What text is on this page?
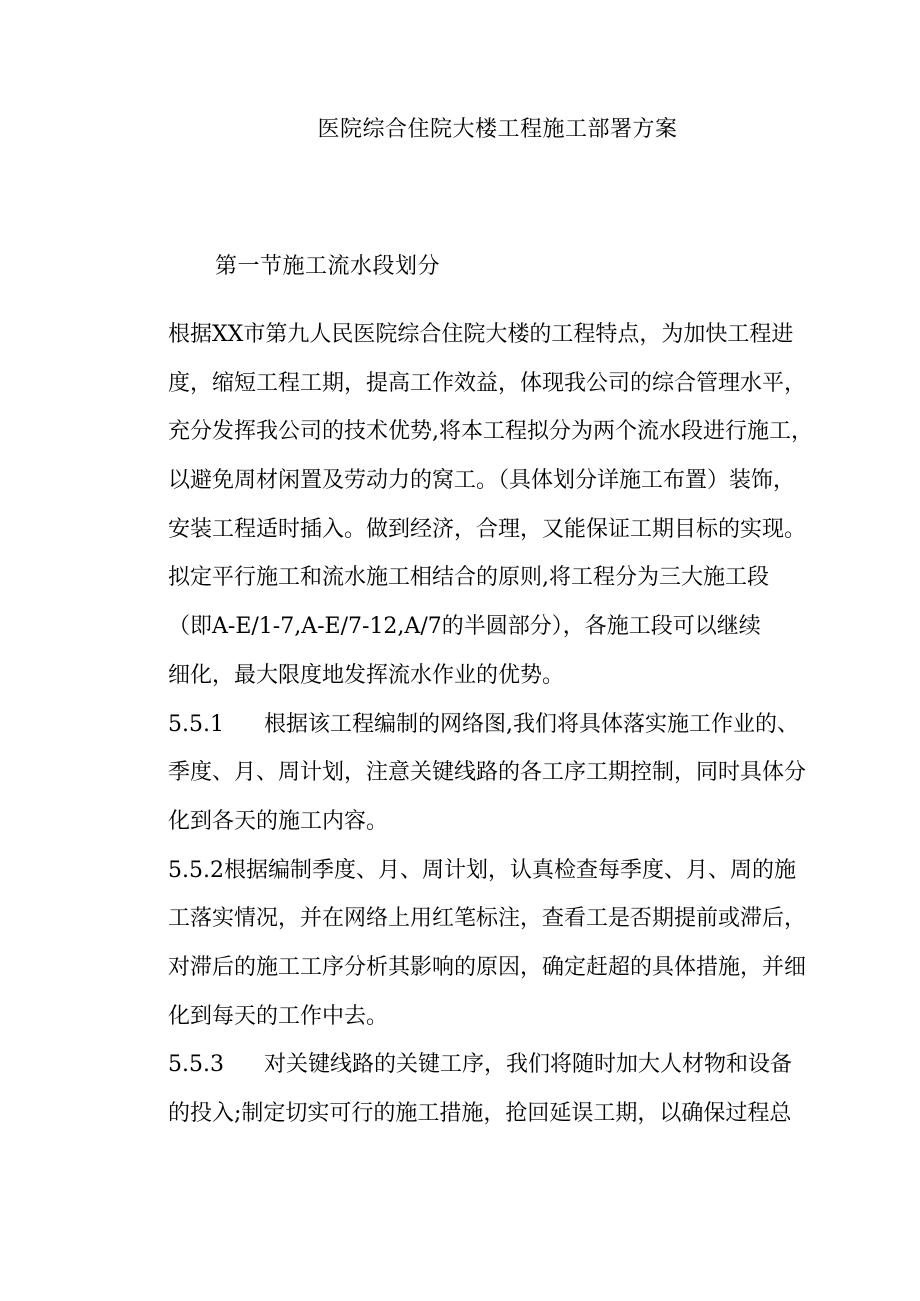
医院综合住院大楼工程施工部署方案
第一节施工流水段划分
根据XX市第九人民医院综合住院大楼的工程特点，为加快工程进
度，缩短工程工期，提高工作效益，体现我公司的综合管理水平，
充分发挥我公司的技术优势,将本工程拟分为两个流水段进行施工，
以避免周材闲置及劳动力的窝工。（具体划分详施工布置）装饰，
安装工程适时插入。做到经济，合理，又能保证工期目标的实现。
拟定平行施工和流水施工相结合的原则,将工程分为三大施工段
（即A-E/1-7,A-E/7-12,A/7的半圆部分），各施工段可以继续
细化，最大限度地发挥流水作业的优势。
5.5.1 根据该工程编制的网络图,我们将具体落实施工作业的、
季度、月、周计划，注意关键线路的各工序工期控制，同时具体分
化到各天的施工内容。
5.5.2根据编制季度、月、周计划，认真检查每季度、月、周的施
工落实情况，并在网络上用红笔标注，查看工是否期提前或滞后，
对滞后的施工工序分析其影响的原因，确定赶超的具体措施，并细
化到每天的工作中去。
5.5.3 对关键线路的关键工序，我们将随时加大人材物和设备
的投入;制定切实可行的施工措施，抢回延误工期，以确保过程总
